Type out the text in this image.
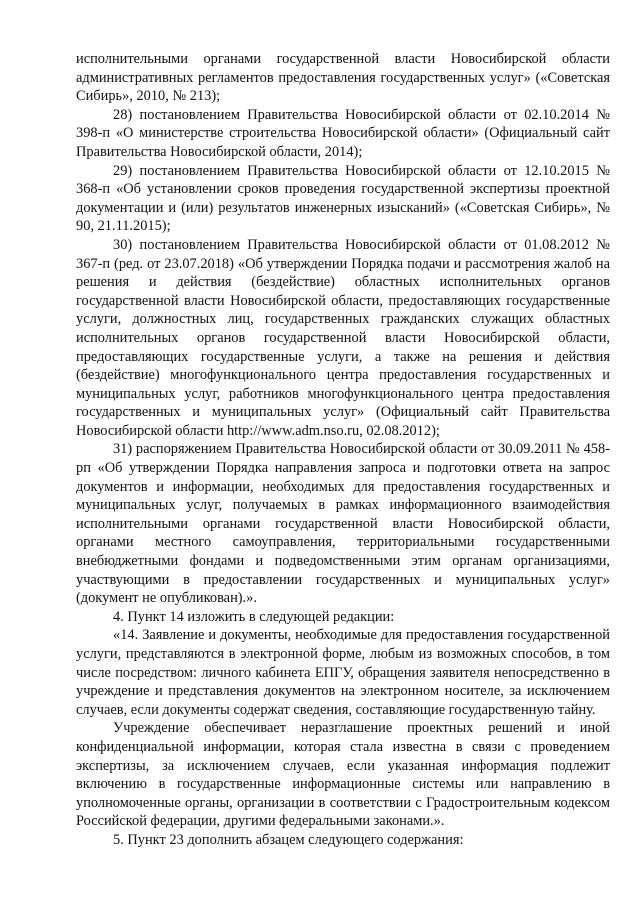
исполнительными органами государственной власти Новосибирской области административных регламентов предоставления государственных услуг» («Советская Сибирь», 2010, № 213);

28) постановлением Правительства Новосибирской области от 02.10.2014 № 398-п «О министерстве строительства Новосибирской области» (Официальный сайт Правительства Новосибирской области, 2014);

29) постановлением Правительства Новосибирской области от 12.10.2015 № 368-п «Об установлении сроков проведения государственной экспертизы проектной документации и (или) результатов инженерных изысканий» («Советская Сибирь», № 90, 21.11.2015);

30) постановлением Правительства Новосибирской области от 01.08.2012 № 367-п (ред. от 23.07.2018) «Об утверждении Порядка подачи и рассмотрения жалоб на решения и действия (бездействие) областных исполнительных органов государственной власти Новосибирской области, предоставляющих государственные услуги, должностных лиц, государственных гражданских служащих областных исполнительных органов государственной власти Новосибирской области, предоставляющих государственные услуги, а также на решения и действия (бездействие) многофункционального центра предоставления государственных и муниципальных услуг, работников многофункционального центра предоставления государственных и муниципальных услуг» (Официальный сайт Правительства Новосибирской области http://www.adm.nso.ru, 02.08.2012);

31) распоряжением Правительства Новосибирской области от 30.09.2011 № 458-рп «Об утверждении Порядка направления запроса и подготовки ответа на запрос документов и информации, необходимых для предоставления государственных и муниципальных услуг, получаемых в рамках информационного взаимодействия исполнительными органами государственной власти Новосибирской области, органами местного самоуправления, территориальными государственными внебюджетными фондами и подведомственными этим органам организациями, участвующими в предоставлении государственных и муниципальных услуг» (документ не опубликован).».

4. Пункт 14 изложить в следующей редакции:

«14. Заявление и документы, необходимые для предоставления государственной услуги, представляются в электронной форме, любым из возможных способов, в том числе посредством: личного кабинета ЕПГУ, обращения заявителя непосредственно в учреждение и представления документов на электронном носителе, за исключением случаев, если документы содержат сведения, составляющие государственную тайну.

Учреждение обеспечивает неразглашение проектных решений и иной конфиденциальной информации, которая стала известна в связи с проведением экспертизы, за исключением случаев, если указанная информация подлежит включению в государственные информационные системы или направлению в уполномоченные органы, организации в соответствии с Градостроительным кодексом Российской федерации, другими федеральными законами.».

5. Пункт 23 дополнить абзацем следующего содержания:
